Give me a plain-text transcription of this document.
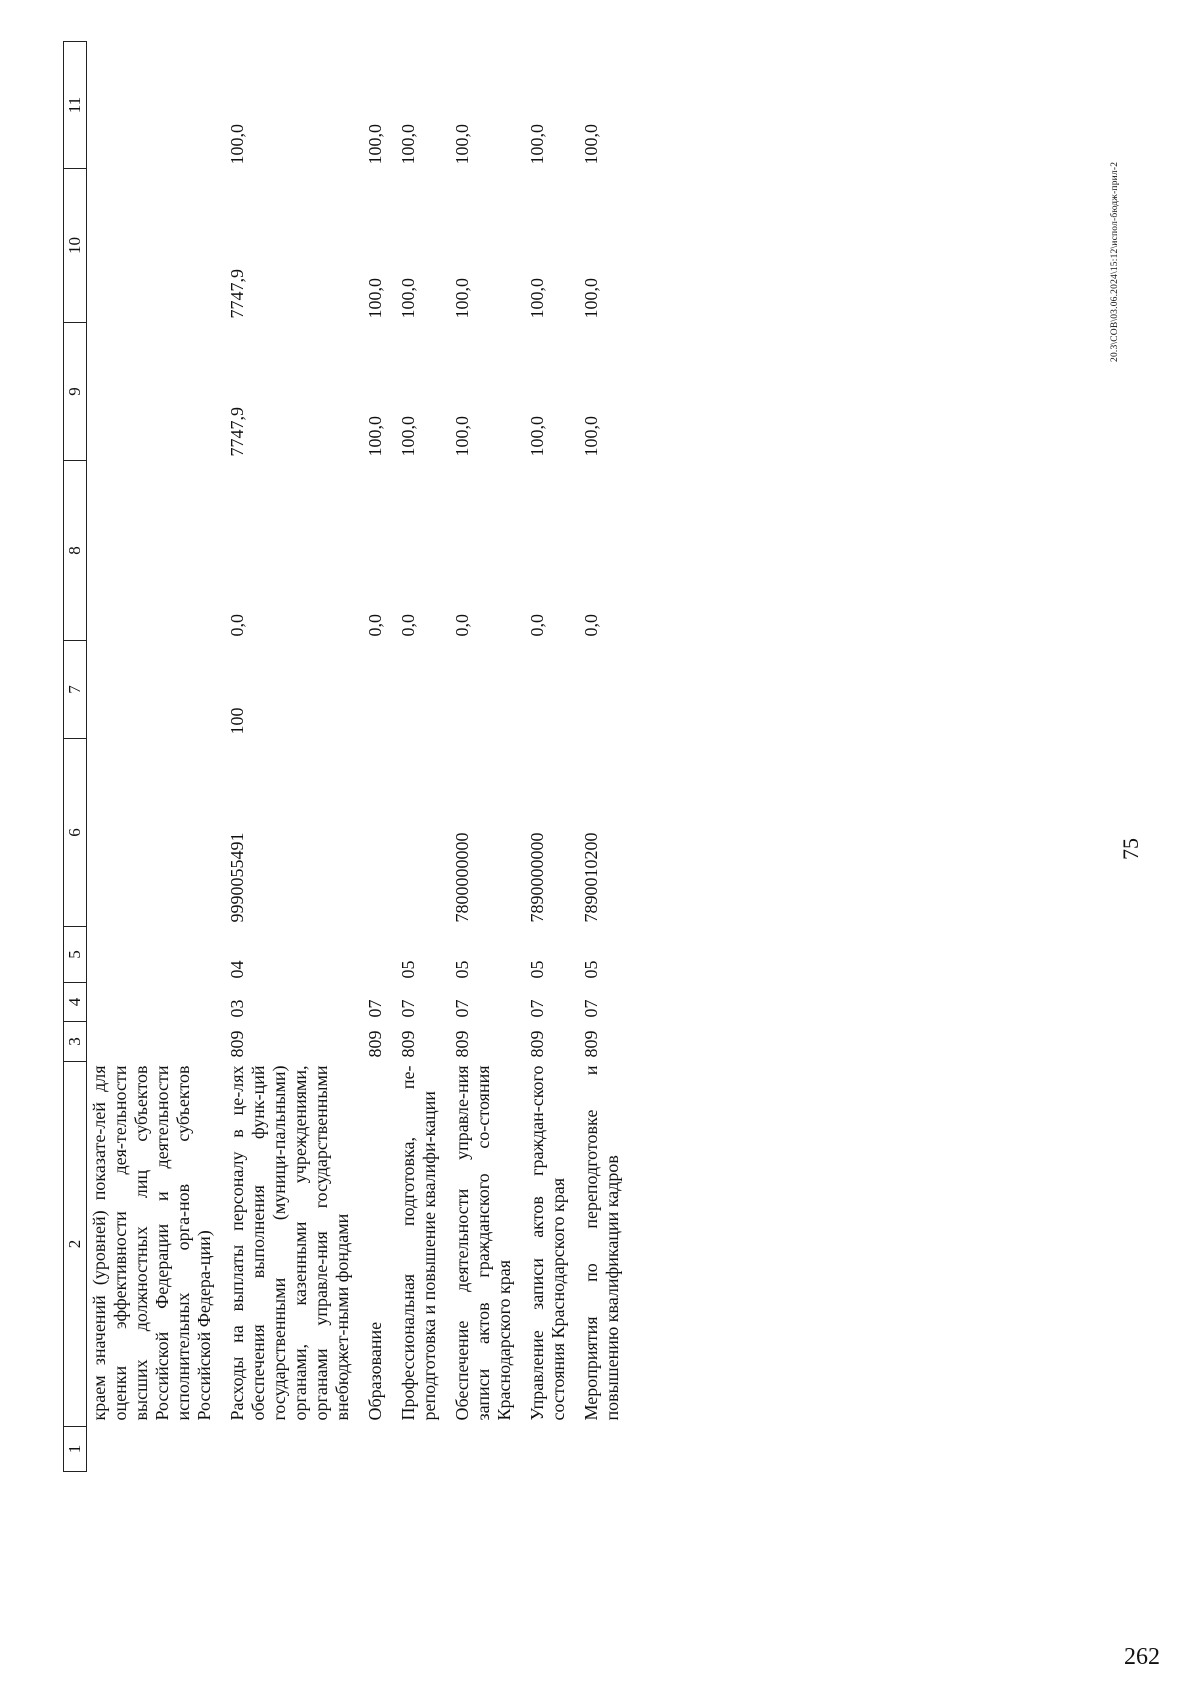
75
1	2	3	4	5	6	7	8	9	10	11
	краем значений (уровней) показате-лей для оценки эффективности дея-тельности высших должностных лиц субъектов Российской Федерации и деятельности исполнительных орга-нов субъектов Российской Федера-ции)									
	Расходы на выплаты персоналу в це-лях обеспечения выполнения функ-ций государственными (муници-пальными) органами, казенными учреждениями, органами управле-ния государственными внебюджет-ными фондами	809	03	04	9990055491	100	0,0	7747,9	7747,9	100,0
	Образование	809	07				0,0	100,0	100,0	100,0
	Профессиональная подготовка, пе-реподготовка и повышение квалифи-кации	809	07	05			0,0	100,0	100,0	100,0
	Обеспечение деятельности управле-ния записи актов гражданского со-стояния Краснодарского края	809	07	05	7800000000		0,0	100,0	100,0	100,0
	Управление записи актов граждан-ского состояния Краснодарского края	809	07	05	7890000000		0,0	100,0	100,0	100,0
	Мероприятия по переподготовке и повышению квалификации кадров	809	07	05	7890010200		0,0	100,0	100,0	100,0
20.3\СОВ\03.06.2024\15:12\испол-бюдж-прил-2
262
